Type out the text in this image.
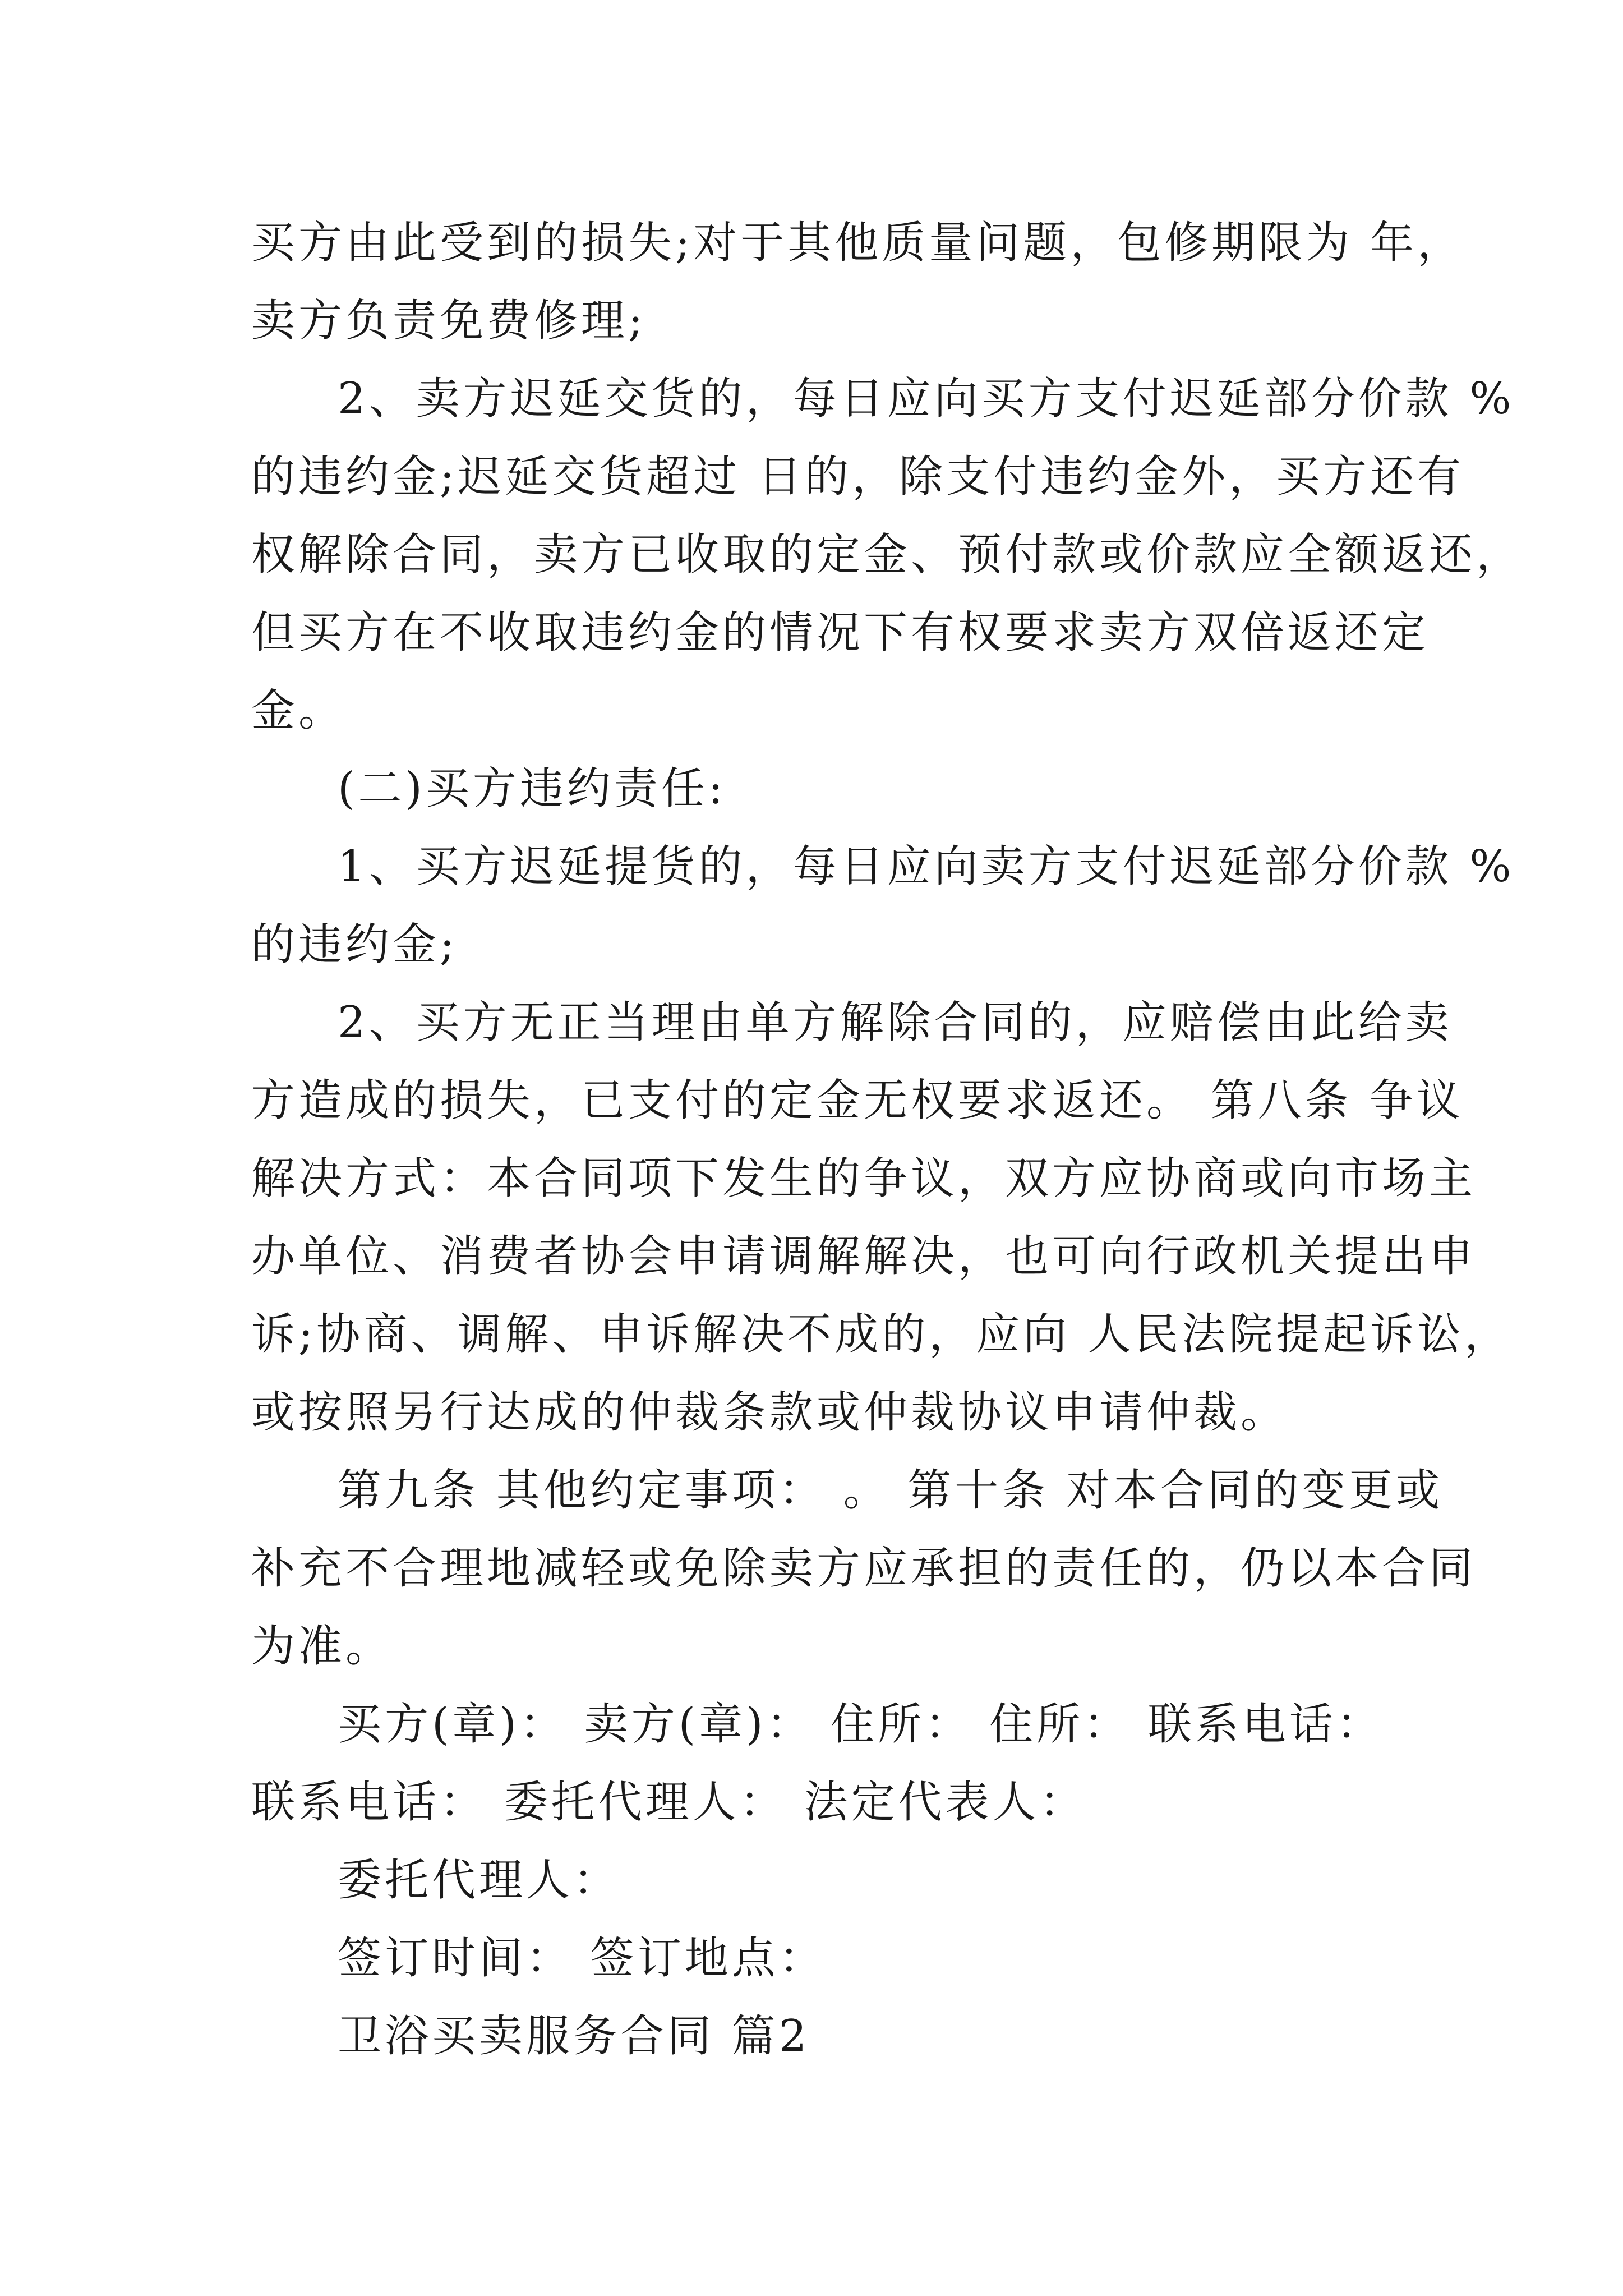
买方由此受到的损失;对于其他质量问题，包修期限为 年，
卖方负责免费修理;
2、卖方迟延交货的，每日应向买方支付迟延部分价款 %
的违约金;迟延交货超过 日的，除支付违约金外，买方还有
权解除合同，卖方已收取的定金、预付款或价款应全额返还，
但买方在不收取违约金的情况下有权要求卖方双倍返还定
金。
(二)买方违约责任:
1、买方迟延提货的，每日应向卖方支付迟延部分价款 %
的违约金;
2、买方无正当理由单方解除合同的，应赔偿由此给卖
方造成的损失，已支付的定金无权要求返还。 第八条 争议
解决方式：本合同项下发生的争议，双方应协商或向市场主
办单位、消费者协会申请调解解决，也可向行政机关提出申
诉;协商、调解、申诉解决不成的，应向 人民法院提起诉讼，
或按照另行达成的仲裁条款或仲裁协议申请仲裁。
第九条 其他约定事项： 。 第十条 对本合同的变更或
补充不合理地减轻或免除卖方应承担的责任的，仍以本合同
为准。
买方(章)： 卖方(章)： 住所： 住所： 联系电话：
联系电话： 委托代理人： 法定代表人：
委托代理人：
签订时间： 签订地点：
卫浴买卖服务合同 篇2
